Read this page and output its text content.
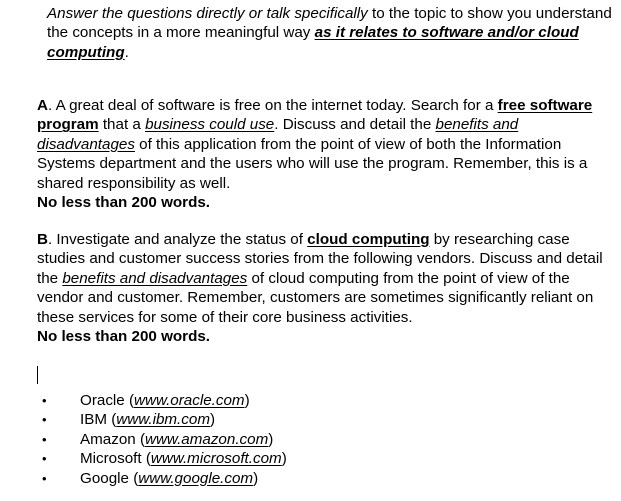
Answer the questions directly or talk specifically to the topic to show you understand the concepts in a more meaningful way as it relates to software and/or cloud computing.

A. A great deal of software is free on the internet today. Search for a free software program that a business could use. Discuss and detail the benefits and disadvantages of this application from the point of view of both the Information Systems department and the users who will use the program. Remember, this is a shared responsibility as well.
No less than 200 words.

B. Investigate and analyze the status of cloud computing by researching case studies and customer success stories from the following vendors. Discuss and detail the benefits and disadvantages of cloud computing from the point of view of the vendor and customer. Remember, customers are sometimes significantly reliant on these services for some of their core business activities.
No less than 200 words.

• Oracle (www.oracle.com)
• IBM (www.ibm.com)
• Amazon (www.amazon.com)
• Microsoft (www.microsoft.com)
• Google (www.google.com)
